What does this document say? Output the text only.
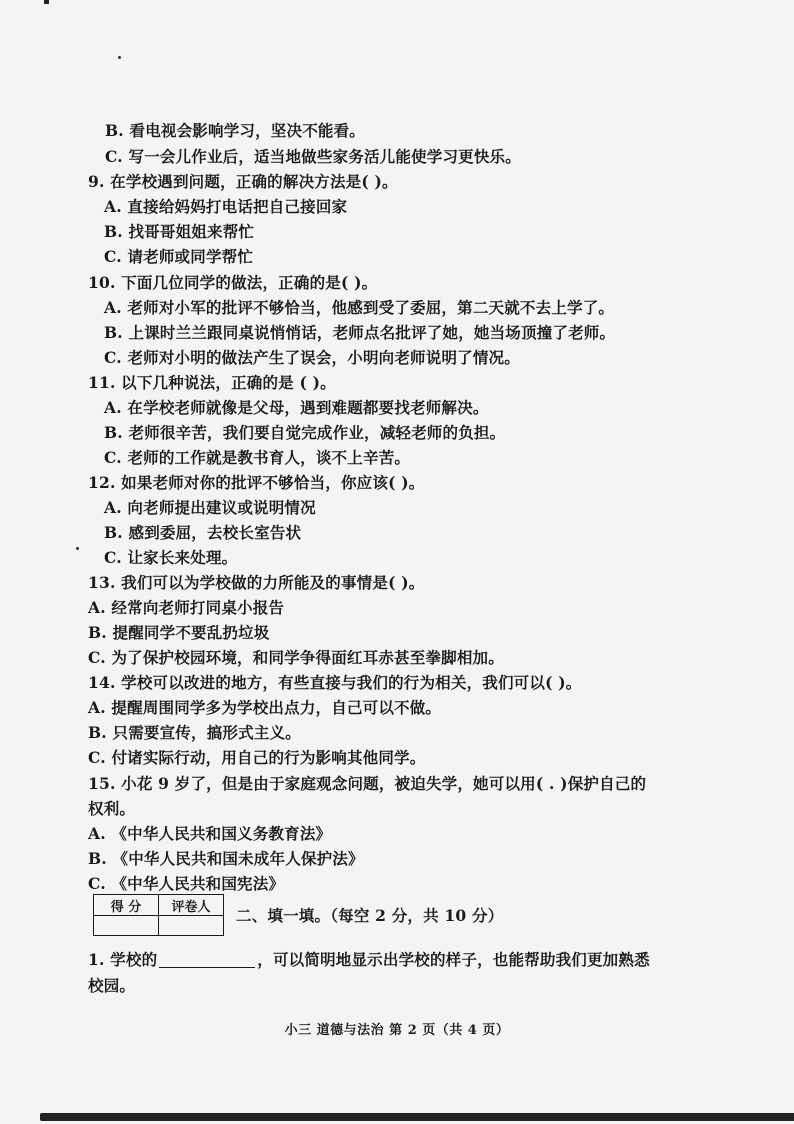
B. 看电视会影响学习，坚决不能看。
C. 写一会儿作业后，适当地做些家务活儿能使学习更快乐。
9. 在学校遇到问题，正确的解决方法是( )。
A. 直接给妈妈打电话把自己接回家
B. 找哥哥姐姐来帮忙
C. 请老师或同学帮忙
10. 下面几位同学的做法，正确的是( )。
A. 老师对小军的批评不够恰当，他感到受了委屈，第二天就不去上学了。
B. 上课时兰兰跟同桌说悄悄话，老师点名批评了她，她当场顶撞了老师。
C. 老师对小明的做法产生了误会，小明向老师说明了情况。
11. 以下几种说法，正确的是 ( )。
A. 在学校老师就像是父母，遇到难题都要找老师解决。
B. 老师很辛苦，我们要自觉完成作业，减轻老师的负担。
C. 老师的工作就是教书育人，谈不上辛苦。
12. 如果老师对你的批评不够恰当，你应该( )。
A. 向老师提出建议或说明情况
B. 感到委屈，去校长室告状
C. 让家长来处理。
13. 我们可以为学校做的力所能及的事情是( )。
A. 经常向老师打同桌小报告
B. 提醒同学不要乱扔垃圾
C. 为了保护校园环境，和同学争得面红耳赤甚至拳脚相加。
14. 学校可以改进的地方，有些直接与我们的行为相关，我们可以( )。
A. 提醒周围同学多为学校出点力，自己可以不做。
B. 只需要宣传，搞形式主义。
C. 付诸实际行动，用自己的行为影响其他同学。
15. 小花 9 岁了，但是由于家庭观念问题，被迫失学，她可以用( . )保护自己的
权利。
A. 《中华人民共和国义务教育法》
B. 《中华人民共和国未成年人保护法》
C. 《中华人民共和国宪法》
得 分	评卷人
	二、填一填。（每空 2 分，共 10 分）
1. 学校的	，可以简明地显示出学校的样子，也能帮助我们更加熟悉
校园。
小三 道德与法治 第 2 页（共 4 页）
